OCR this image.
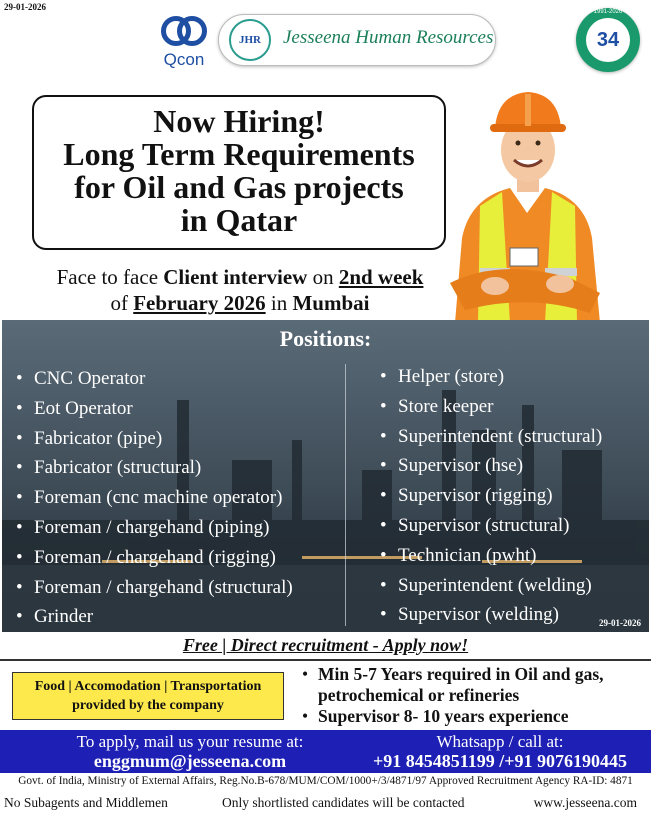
29-01-2026
Qcon
JHR Jesseena Human Resources
1991-2026
34
Now Hiring!
Long Term Requirements
for Oil and Gas projects
in Qatar
Face to face Client interview on 2nd week
of February 2026 in Mumbai
Positions:
• CNC Operator
• Eot Operator
• Fabricator (pipe)
• Fabricator (structural)
• Foreman (cnc machine operator)
• Foreman / chargehand (piping)
• Foreman / chargehand (rigging)
• Foreman / chargehand (structural)
• Grinder
• Helper (store)
• Store keeper
• Superintendent (structural)
• Supervisor (hse)
• Supervisor (rigging)
• Supervisor (structural)
• Technician (pwht)
• Superintendent (welding)
• Supervisor (welding)	29-01-2026
Free | Direct recruitment - Apply now!
Food | Accomodation | Transportation
provided by the company
• Min 5-7 Years required in Oil and gas, petrochemical or refineries
• Supervisor 8- 10 years experience
To apply, mail us your resume at:
enggmum@jesseena.com
Whatsapp / call at:
+91 8454851199 /+91 9076190445
Govt. of India, Ministry of External Affairs, Reg.No.B-678/MUM/COM/1000+/3/4871/97 Approved Recruitment Agency RA-ID: 4871
No Subagents and Middlemen	Only shortlisted candidates will be contacted	www.jesseena.com
